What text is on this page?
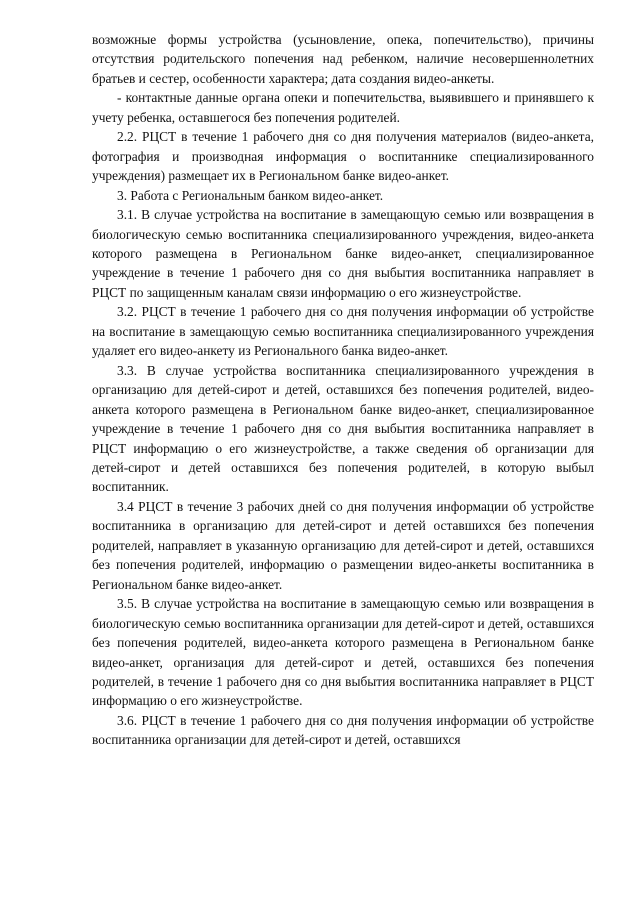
возможные формы устройства (усыновление, опека, попечительство), причины отсутствия родительского попечения над ребенком, наличие несовершеннолетних братьев и сестер, особенности характера; дата создания видео-анкеты.

- контактные данные органа опеки и попечительства, выявившего и принявшего к учету ребенка, оставшегося без попечения родителей.

2.2. РЦСТ в течение 1 рабочего дня со дня получения материалов (видео-анкета, фотография и производная информация о воспитаннике специализированного учреждения) размещает их в Региональном банке видео-анкет.

3. Работа с Региональным банком видео-анкет.

3.1. В случае устройства на воспитание в замещающую семью или возвращения в биологическую семью воспитанника специализированного учреждения, видео-анкета которого размещена в Региональном банке видео-анкет, специализированное учреждение в течение 1 рабочего дня со дня выбытия воспитанника направляет в РЦСТ по защищенным каналам связи информацию о его жизнеустройстве.

3.2. РЦСТ в течение 1 рабочего дня со дня получения информации об устройстве на воспитание в замещающую семью воспитанника специализированного учреждения удаляет его видео-анкету из Регионального банка видео-анкет.

3.3. В случае устройства воспитанника специализированного учреждения в организацию для детей-сирот и детей, оставшихся без попечения родителей, видео-анкета которого размещена в Региональном банке видео-анкет, специализированное учреждение в течение 1 рабочего дня со дня выбытия воспитанника направляет в РЦСТ информацию о его жизнеустройстве, а также сведения об организации для детей-сирот и детей оставшихся без попечения родителей, в которую выбыл воспитанник.

3.4 РЦСТ в течение 3 рабочих дней со дня получения информации об устройстве воспитанника в организацию для детей-сирот и детей оставшихся без попечения родителей, направляет в указанную организацию для детей-сирот и детей, оставшихся без попечения родителей, информацию о размещении видео-анкеты воспитанника в Региональном банке видео-анкет.

3.5. В случае устройства на воспитание в замещающую семью или возвращения в биологическую семью воспитанника организации для детей-сирот и детей, оставшихся без попечения родителей, видео-анкета которого размещена в Региональном банке видео-анкет, организация для детей-сирот и детей, оставшихся без попечения родителей, в течение 1 рабочего дня со дня выбытия воспитанника направляет в РЦСТ информацию о его жизнеустройстве.

3.6. РЦСТ в течение 1 рабочего дня со дня получения информации об устройстве воспитанника организации для детей-сирот и детей, оставшихся
